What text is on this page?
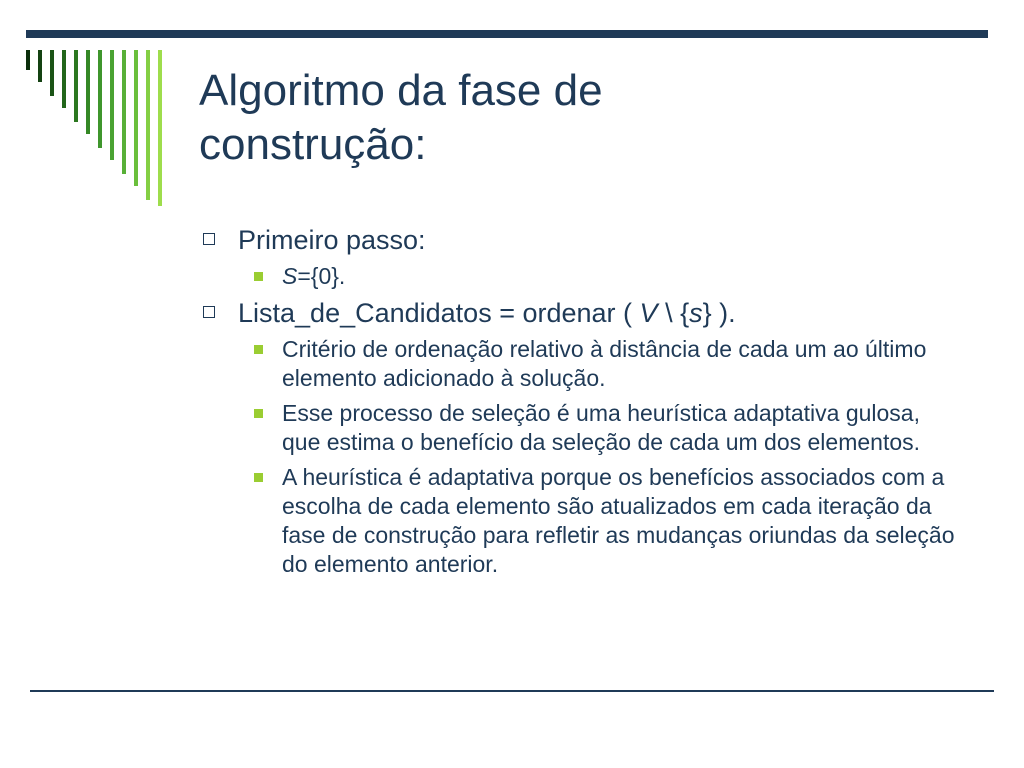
Algoritmo da fase de
construção:
Primeiro passo:
S={0}.
Lista_de_Candidatos = ordenar ( V \ {s} ).
Critério de ordenação relativo à distância de cada um ao último elemento adicionado à solução.
Esse processo de seleção é uma heurística adaptativa gulosa, que estima o benefício da seleção de cada um dos elementos.
A heurística é adaptativa porque os benefícios associados com a escolha de cada elemento são atualizados em cada iteração da fase de construção para refletir as mudanças oriundas da seleção do elemento anterior.
